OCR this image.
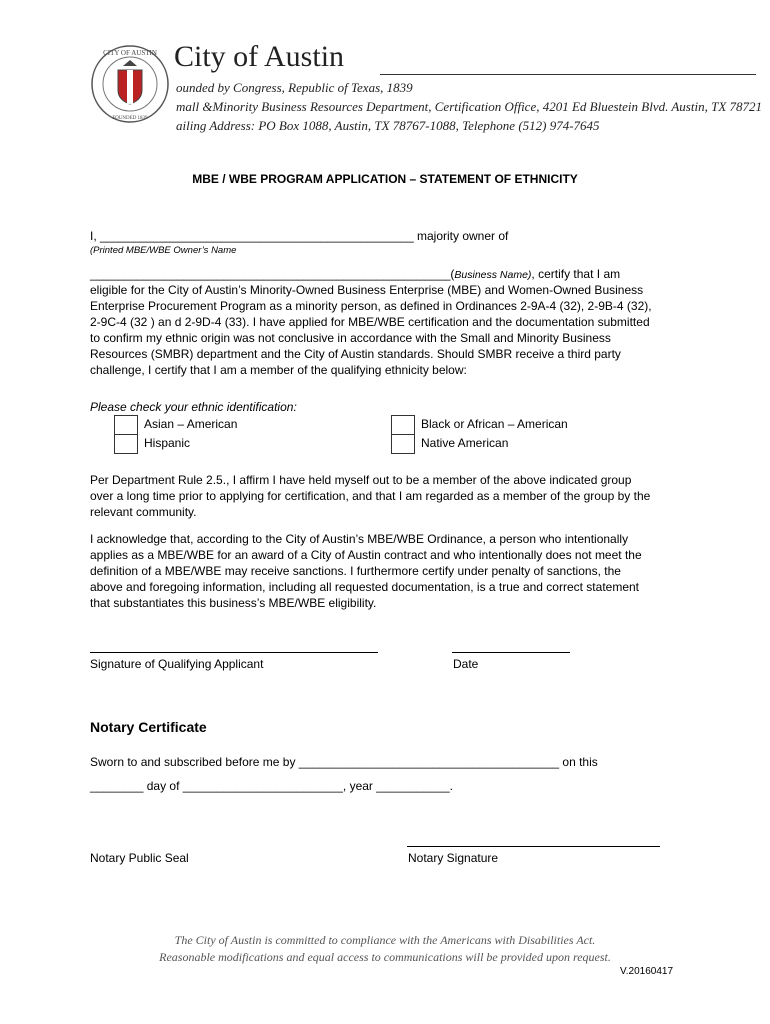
CITY OF AUSTIN
FOUNDED 1839
City of Austin
ounded by Congress, Republic of Texas, 1839
mall &Minority Business Resources Department, Certification Office, 4201 Ed Bluestein Blvd. Austin, TX 78721
ailing Address: PO Box 1088, Austin, TX 78767-1088, Telephone (512) 974-7645
MBE / WBE PROGRAM APPLICATION – STATEMENT OF ETHNICITY
I, _______________________________________________ majority owner of
(Printed MBE/WBE Owner’s Name
______________________________________________________(Business Name), certify that I am
eligible for the City of Austin’s Minority-Owned Business Enterprise (MBE) and Women-Owned Business
Enterprise Procurement Program as a minority person, as defined in Ordinances 2-9A-4 (32), 2-9B-4 (32),
2-9C-4 (32 ) an d 2-9D-4 (33). I have applied for MBE/WBE certification and the documentation submitted
to confirm my ethnic origin was not conclusive in accordance with the Small and Minority Business
Resources (SMBR) department and the City of Austin standards. Should SMBR receive a third party
challenge, I certify that I am a member of the qualifying ethnicity below:
Please check your ethnic identification:
Asian – American
Hispanic
Black or African – American
Native American
Per Department Rule 2.5., I affirm I have held myself out to be a member of the above indicated group
over a long time prior to applying for certification, and that I am regarded as a member of the group by the
relevant community.
I acknowledge that, according to the City of Austin’s MBE/WBE Ordinance, a person who intentionally
applies as a MBE/WBE for an award of a City of Austin contract and who intentionally does not meet the
definition of a MBE/WBE may receive sanctions. I furthermore certify under penalty of sanctions, the
above and foregoing information, including all requested documentation, is a true and correct statement
that substantiates this business’s MBE/WBE eligibility.
Signature of Qualifying Applicant	Date
Notary Certificate
Sworn to and subscribed before me by _______________________________________ on this
________ day of ________________________, year ___________.
Notary Public Seal	Notary Signature
The City of Austin is committed to compliance with the Americans with Disabilities Act.
Reasonable modifications and equal access to communications will be provided upon request.
V.20160417
